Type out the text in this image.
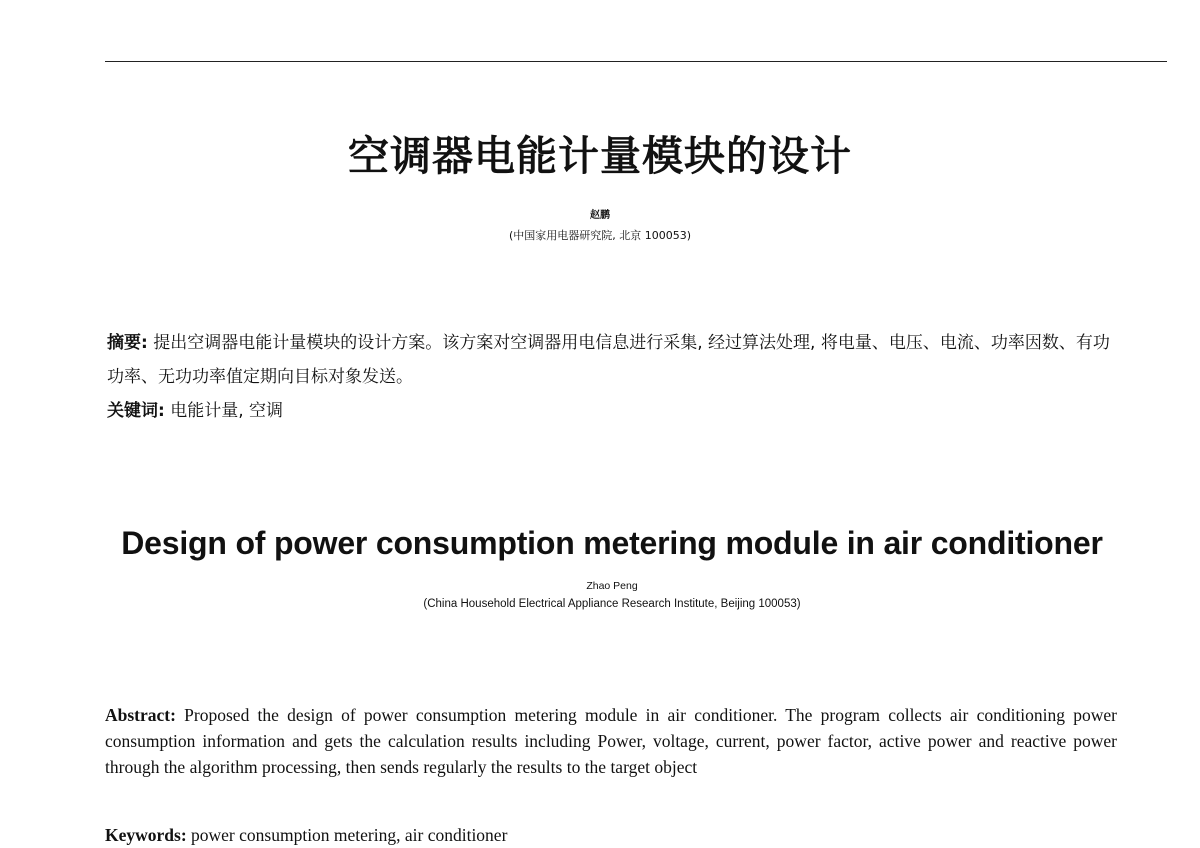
空调器电能计量模块的设计
赵鹏
(中国家用电器研究院, 北京 100053)
摘要: 提出空调器电能计量模块的设计方案。该方案对空调器用电信息进行采集, 经过算法处理, 将电量、电压、电流、功率因数、有功功率、无功功率值定期向目标对象发送。
关键词: 电能计量, 空调
Design of power consumption metering module in air conditioner
Zhao Peng
(China Household Electrical Appliance Research Institute, Beijing 100053)
Abstract: Proposed the design of power consumption metering module in air conditioner. The program collects air conditioning power consumption information and gets the calculation results including Power, voltage, current, power factor, active power and reactive power through the algorithm processing, then sends regularly the results to the target object
Keywords: power consumption metering, air conditioner
